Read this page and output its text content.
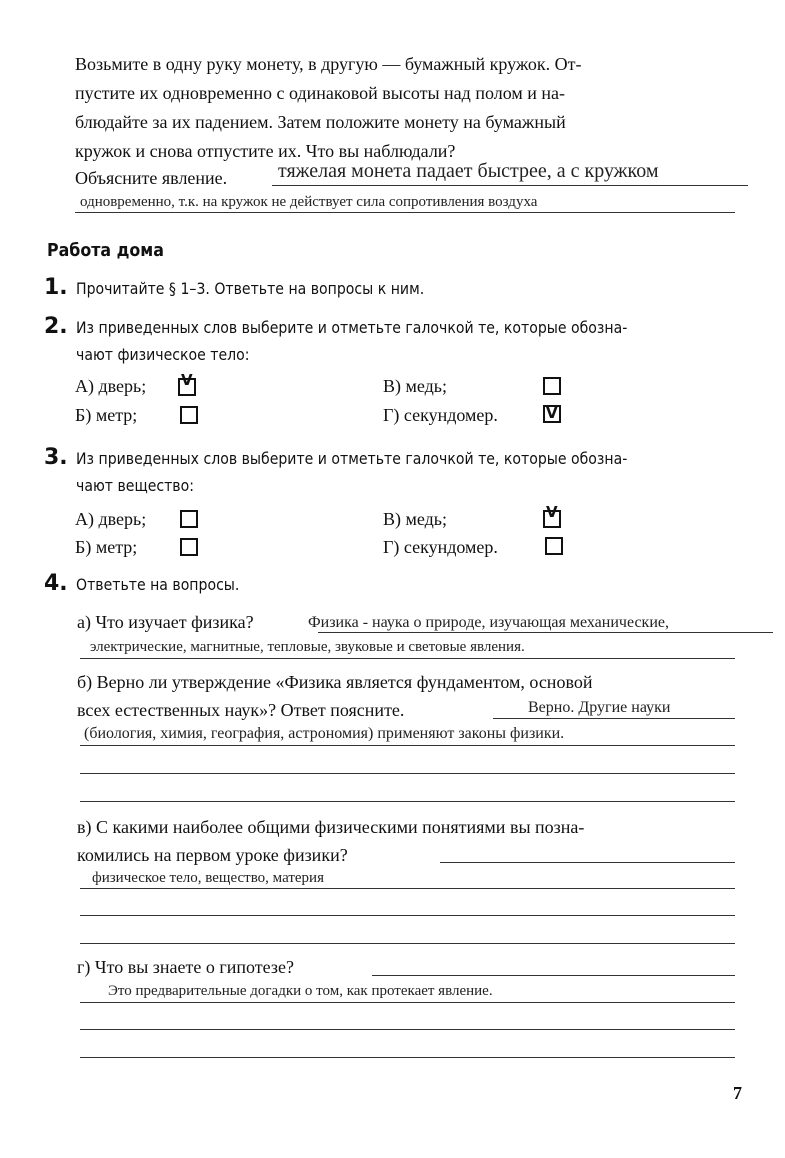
Возьмите в одну руку монету, в другую — бумажный кружок. От-
пустите их одновременно с одинаковой высоты над полом и на-
блюдайте за их падением. Затем положите монету на бумажный
кружок и снова отпустите их. Что вы наблюдали?
Объясните явление.	тяжелая монета падает быстрее, а с кружком
одновременно, т.к. на кружок не действует сила сопротивления воздуха
Работа дома
1. Прочитайте § 1–3. Ответьте на вопросы к ним.
2. Из приведенных слов выберите и отметьте галочкой те, которые обозна-
чают физическое тело:
А) дверь; V	В) медь;
Б) метр;	Г) секундомер.	V
3. Из приведенных слов выберите и отметьте галочкой те, которые обозна-
чают вещество:
А) дверь;	В) медь;	V
Б) метр;	Г) секундомер.
4. Ответьте на вопросы.
а) Что изучает физика?	Физика - наука о природе, изучающая механические,
электрические, магнитные, тепловые, звуковые и световые явления.
б) Верно ли утверждение «Физика является фундаментом, основой
всех естественных наук»? Ответ поясните.	Верно. Другие науки
(биология, химия, география, астрономия) применяют законы физики.
в) С какими наиболее общими физическими понятиями вы позна-
комились на первом уроке физики?
физическое тело, вещество, материя
г) Что вы знаете о гипотезе?
Это предварительные догадки о том, как протекает явление.
7
